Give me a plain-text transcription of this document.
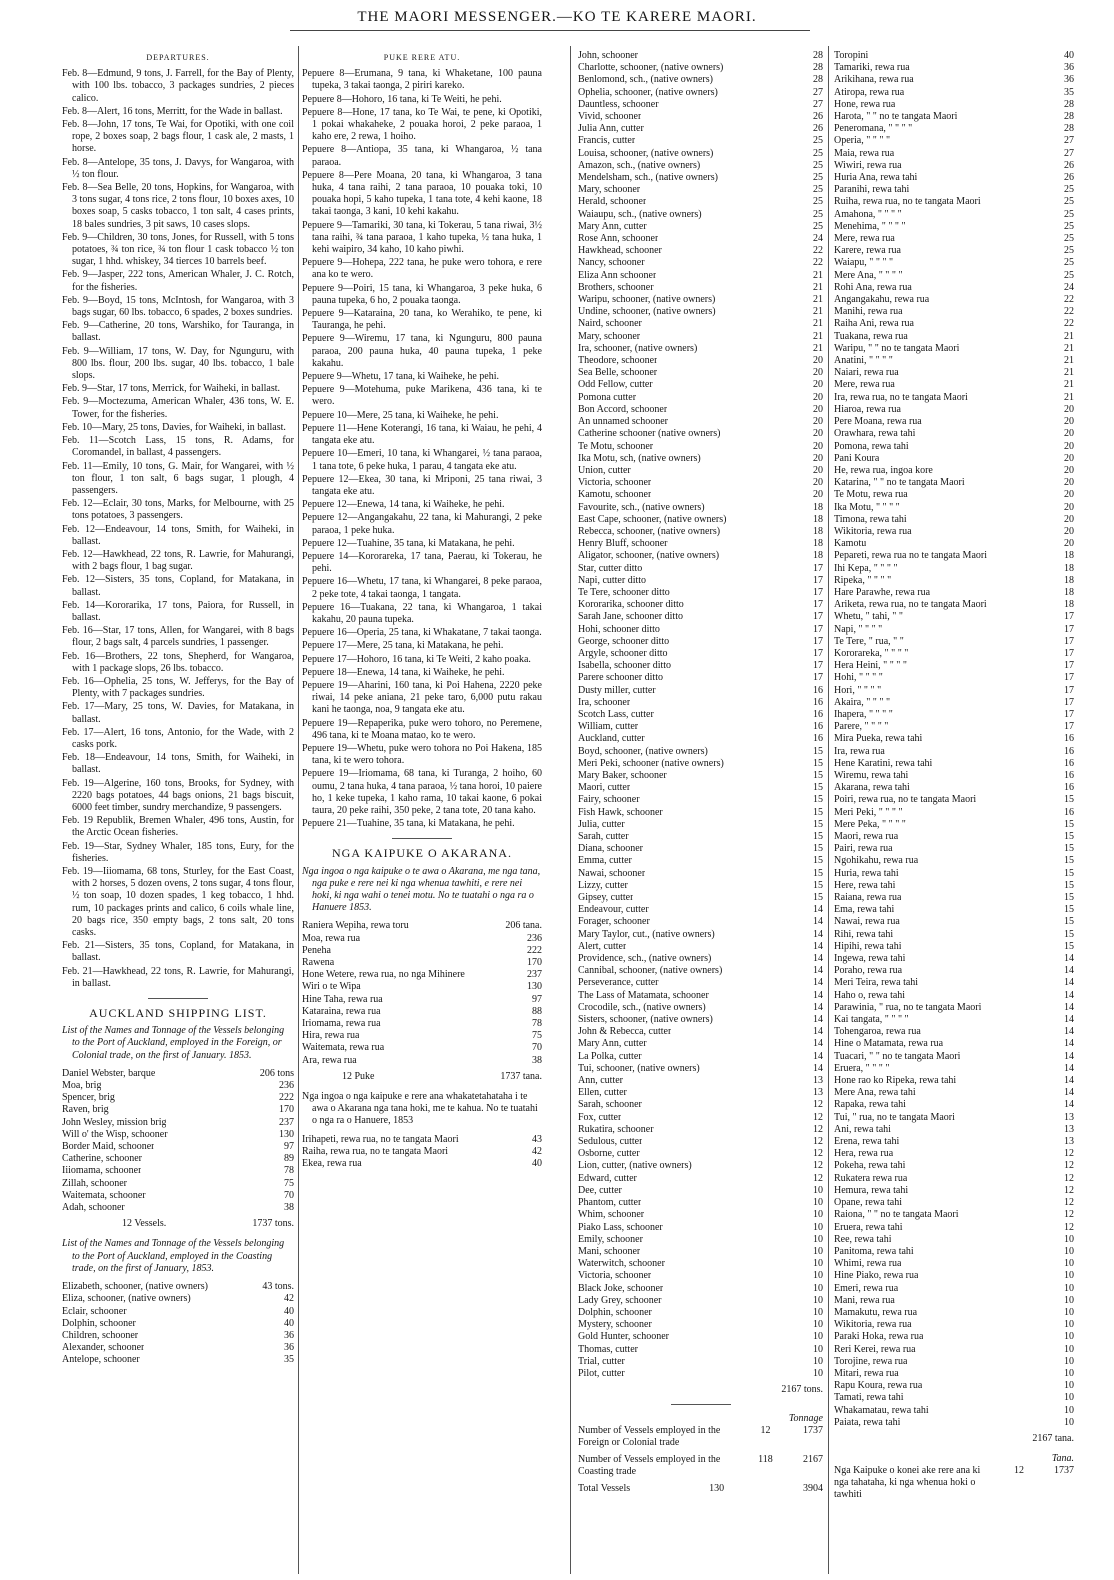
THE MAORI MESSENGER.—KO TE KARERE MAORI.
DEPARTURES.
Feb. 8—Edmund, 9 tons, J. Farrell, for the Bay of Plenty, with 100 lbs. tobacco, 3 packages sundries, 2 pieces calico.
Feb. 8—Alert, 16 tons, Merritt, for the Wade in ballast.
Feb. 8—John, 17 tons, Te Wai, for Opotiki, with one coil rope, 2 boxes soap, 2 bags flour, 1 cask ale, 2 masts, 1 horse.
Feb. 8—Antelope, 35 tons, J. Davys, for Wangaroa, with ½ ton flour.
Feb. 8—Sea Belle, 20 tons, Hopkins, for Wangaroa, with 3 tons sugar, 4 tons rice, 2 tons flour, 10 boxes axes, 10 boxes soap, 5 casks tobacco, 1 ton salt, 4 cases prints, 18 bales sundries, 3 pit saws, 10 cases slops.
Feb. 9—Children, 30 tons, Jones, for Russell, with 5 tons potatoes, ¾ ton rice, ¾ ton flour 1 cask tobacco ½ ton sugar, 1 hhd. whiskey, 34 tierces 10 barrels beef.
Feb. 9—Jasper, 222 tons, American Whaler, J. C. Rotch, for the fisheries.
Feb. 9—Boyd, 15 tons, McIntosh, for Wangaroa, with 3 bags sugar, 60 lbs. tobacco, 6 spades, 2 boxes sundries.
Feb. 9—Catherine, 20 tons, Warshiko, for Tauranga, in ballast.
Feb. 9—William, 17 tons, W. Day, for Ngunguru, with 800 lbs. flour, 200 lbs. sugar, 40 lbs. tobacco, 1 bale slops.
Feb. 9—Star, 17 tons, Merrick, for Waiheki, in ballast.
Feb. 9—Moctezuma, American Whaler, 436 tons, W. E. Tower, for the fisheries.
Feb. 10—Mary, 25 tons, Davies, for Waiheki, in ballast.
Feb. 11—Scotch Lass, 15 tons, R. Adams, for Coromandel, in ballast, 4 passengers.
Feb. 11—Emily, 10 tons, G. Mair, for Wangarei, with ½ ton flour, 1 ton salt, 6 bags sugar, 1 plough, 4 passengers.
Feb. 12—Eclair, 30 tons, Marks, for Melbourne, with 25 tons potatoes, 3 passengers.
Feb. 12—Endeavour, 14 tons, Smith, for Waiheki, in ballast.
Feb. 12—Hawkhead, 22 tons, R. Lawrie, for Mahurangi, with 2 bags flour, 1 bag sugar.
Feb. 12—Sisters, 35 tons, Copland, for Matakana, in ballast.
Feb. 14—Kororarika, 17 tons, Paiora, for Russell, in ballast.
Feb. 16—Star, 17 tons, Allen, for Wangarei, with 8 bags flour, 2 bags salt, 4 parcels sundries, 1 passenger.
Feb. 16—Brothers, 22 tons, Shepherd, for Wangaroa, with 1 package slops, 26 lbs. tobacco.
Feb. 16—Ophelia, 25 tons, W. Jefferys, for the Bay of Plenty, with 7 packages sundries.
Feb. 17—Mary, 25 tons, W. Davies, for Matakana, in ballast.
Feb. 17—Alert, 16 tons, Antonio, for the Wade, with 2 casks pork.
Feb. 18—Endeavour, 14 tons, Smith, for Waiheki, in ballast.
Feb. 19—Algerine, 160 tons, Brooks, for Sydney, with 2220 bags potatoes, 44 bags onions, 21 bags biscuit, 6000 feet timber, sundry merchandize, 9 passengers.
Feb. 19 Republik, Bremen Whaler, 496 tons, Austin, for the Arctic Ocean fisheries.
Feb. 19—Star, Sydney Whaler, 185 tons, Eury, for the fisheries.
Feb. 19—Iiiomama, 68 tons, Sturley, for the East Coast, with 2 horses, 5 dozen ovens, 2 tons sugar, 4 tons flour, ½ ton soap, 10 dozen spades, 1 keg tobacco, 1 hhd. rum, 10 packages prints and calico, 6 coils whale line, 20 bags rice, 350 empty bags, 2 tons salt, 20 tons casks.
Feb. 21—Sisters, 35 tons, Copland, for Matakana, in ballast.
Feb. 21—Hawkhead, 22 tons, R. Lawrie, for Mahurangi, in ballast.
AUCKLAND SHIPPING LIST.
List of the Names and Tonnage of the Vessels belonging to the Port of Auckland, employed in the Foreign, or Colonial trade, on the first of January. 1853.
Daniel Webster, barque	206 tons
Moa, brig	236
Spencer, brig	222
Raven, brig	170
John Wesley, mission brig	237
Will o' the Wisp, schooner	130
Border Maid, schooner	97
Catherine, schooner	89
Iiiomama, schooner	78
Zillah, schooner	75
Waitemata, schooner	70
Adah, schooner	38
12 Vessels.	1737 tons.
List of the Names and Tonnage of the Vessels belonging to the Port of Auckland, employed in the Coasting trade, on the first of January, 1853.
Elizabeth, schooner, (native owners)	43 tons.
Eliza, schooner, (native owners)	42
Eclair, schooner	40
Dolphin, schooner	40
Children, schooner	36
Alexander, schooner	36
Antelope, schooner	35
PUKE RERE ATU.
Pepuere 8—Erumana, 9 tana, ki Whaketane, 100 pauna tupeka, 3 takai taonga, 2 piriri kareko.
Pepuere 8—Hohoro, 16 tana, ki Te Weiti, he pehi.
Pepuere 8—Hone, 17 tana, ko Te Wai, te pene, ki Opotiki, 1 pokai whakaheke, 2 pouaka horoi, 2 peke paraoa, 1 kaho ere, 2 rewa, 1 hoiho.
Pepuere 8—Antiopa, 35 tana, ki Whangaroa, ½ tana paraoa.
Pepuere 8—Pere Moana, 20 tana, ki Whangaroa, 3 tana huka, 4 tana raihi, 2 tana paraoa, 10 pouaka toki, 10 pouaka hopi, 5 kaho tupeka, 1 tana tote, 4 kehi kaone, 18 takai taonga, 3 kani, 10 kehi kakahu.
Pepuere 9—Tamariki, 30 tana, ki Tokerau, 5 tana riwai, 3½ tana raihi, ¾ tana paraoa, 1 kaho tupeka, ½ tana huka, 1 kehi waipiro, 34 kaho, 10 kaho piwhi.
Pepuere 9—Hohepa, 222 tana, he puke wero tohora, e rere ana ko te wero.
Pepuere 9—Poiri, 15 tana, ki Whangaroa, 3 peke huka, 6 pauna tupeka, 6 ho, 2 pouaka taonga.
Pepuere 9—Kataraina, 20 tana, ko Werahiko, te pene, ki Tauranga, he pehi.
Pepuere 9—Wiremu, 17 tana, ki Ngunguru, 800 pauna paraoa, 200 pauna huka, 40 pauna tupeka, 1 peke kakahu.
Pepuere 9—Whetu, 17 tana, ki Waiheke, he pehi.
Pepuere 9—Motehuma, puke Marikena, 436 tana, ki te wero.
Pepuere 10—Mere, 25 tana, ki Waiheke, he pehi.
Pepuere 11—Hene Koterangi, 16 tana, ki Waiau, he pehi, 4 tangata eke atu.
Pepuere 10—Emeri, 10 tana, ki Whangarei, ½ tana paraoa, 1 tana tote, 6 peke huka, 1 parau, 4 tangata eke atu.
Pepuere 12—Ekea, 30 tana, ki Mriponi, 25 tana riwai, 3 tangata eke atu.
Pepuere 12—Enewa, 14 tana, ki Waiheke, he pehi.
Pepuere 12—Angangakahu, 22 tana, ki Mahurangi, 2 peke paraoa, 1 peke huka.
Pepuere 12—Tuahine, 35 tana, ki Matakana, he pehi.
Pepuere 14—Kororareka, 17 tana, Paerau, ki Tokerau, he pehi.
Pepuere 16—Whetu, 17 tana, ki Whangarei, 8 peke paraoa, 2 peke tote, 4 takai taonga, 1 tangata.
Pepuere 16—Tuakana, 22 tana, ki Whangaroa, 1 takai kakahu, 20 pauna tupeka.
Pepuere 16—Operia, 25 tana, ki Whakatane, 7 takai taonga.
Pepuere 17—Mere, 25 tana, ki Matakana, he pehi.
Pepuere 17—Hohoro, 16 tana, ki Te Weiti, 2 kaho poaka.
Pepuere 18—Enewa, 14 tana, ki Waiheke, he pehi.
Pepuere 19—Aharini, 160 tana, ki Poi Hahena, 2220 peke riwai, 14 peke aniana, 21 peke taro, 6,000 putu rakau kani he taonga, noa, 9 tangata eke atu.
Pepuere 19—Repaperika, puke wero tohoro, no Peremene, 496 tana, ki te Moana matao, ko te wero.
Pepuere 19—Whetu, puke wero tohora no Poi Hakena, 185 tana, ki te wero tohora.
Pepuere 19—Iriomama, 68 tana, ki Turanga, 2 hoiho, 60 oumu, 2 tana huka, 4 tana paraoa, ½ tana horoi, 10 paiere ho, 1 keke tupeka, 1 kaho rama, 10 takai kaone, 6 pokai taura, 20 peke raihi, 350 peke, 2 tana tote, 20 tana kaho.
Pepuere 21—Tuahine, 35 tana, ki Matakana, he pehi.
NGA KAIPUKE O AKARANA.
Nga ingoa o nga kaipuke o te awa o Akarana, me nga tana, nga puke e rere nei ki nga whenua tawhiti, e rere nei hoki, ki nga wahi o tenei motu. No te tuatahi o nga ra o Hanuere 1853.
Raniera Wepiha, rewa toru	206 tana.
Moa, rewa rua	236
Peneha	222
Rawena	170
Hone Wetere, rewa rua, no nga Mihinere	237
Wiri o te Wipa	130
Hine Taha, rewa rua	97
Kataraina, rewa rua	88
Iriomama, rewa rua	78
Hira, rewa rua	75
Waitemata, rewa rua	70
Ara, rewa rua	38
12 Puke	1737 tana.
Nga ingoa o nga kaipuke e rere ana whakatetahataha i te awa o Akarana nga tana hoki, me te kahua. No te tuatahi o nga ra o Hanuere, 1853
Irihapeti, rewa rua, no te tangata Maori	43
Raiha, rewa rua, no te tangata Maori	42
Ekea, rewa rua	40
John, schooner	28
Charlotte, schooner, (native owners)	28
Benlomond, sch., (native owners)	28
Ophelia, schooner, (native owners)	27
Dauntless, schooner	27
Vivid, schooner	26
Julia Ann, cutter	26
Francis, cutter	25
Louisa, schooner, (native owners)	25
Amazon, sch., (native owners)	25
Mendelsham, sch., (native owners)	25
Mary, schooner	25
Herald, schooner	25
Waiaupu, sch., (native owners)	25
Mary Ann, cutter	25
Rose Ann, schooner	24
Hawkhead, schooner	22
Nancy, schooner	22
Eliza Ann schooner	21
Brothers, schooner	21
Waripu, schooner, (native owners)	21
Undine, schooner, (native owners)	21
Naird, schooner	21
Mary, schooner	21
Ira, schooner, (native owners)	21
Theodore, schooner	20
Sea Belle, schooner	20
Odd Fellow, cutter	20
Pomona cutter	20
Bon Accord, schooner	20
An unnamed schooner	20
Catherine schooner (native owners)	20
Te Motu, schooner	20
Ika Motu, sch, (native owners)	20
Union, cutter	20
Victoria, schooner	20
Kamotu, schooner	20
Favourite, sch., (native owners)	18
East Cape, schooner, (native owners)	18
Rebecca, schooner, (native owners)	18
Henry Bluff, schooner	18
Aligator, schooner, (native owners)	18
Star, cutter ditto	17
Napi, cutter ditto	17
Te Tere, schooner ditto	17
Kororarika, schooner ditto	17
Sarah Jane, schooner ditto	17
Hohi, schooner ditto	17
George, schooner ditto	17
Argyle, schooner ditto	17
Isabella, schooner ditto	17
Parere schooner ditto	17
Dusty miller, cutter	16
Ira, schooner	16
Scotch Lass, cutter	16
William, cutter	16
Auckland, cutter	16
Boyd, schooner, (native owners)	15
Meri Peki, schooner (native owners)	15
Mary Baker, schooner	15
Maori, cutter	15
Fairy, schooner	15
Fish Hawk, schooner	15
Julia, cutter	15
Sarah, cutter	15
Diana, schooner	15
Emma, cutter	15
Nawai, schooner	15
Lizzy, cutter	15
Gipsey, cutter	15
Endeavour, cutter	14
Forager, schooner	14
Mary Taylor, cut., (native owners)	14
Alert, cutter	14
Providence, sch., (native owners)	14
Cannibal, schooner, (native owners)	14
Perseverance, cutter	14
The Lass of Matamata, schooner	14
Crocodile, sch., (native owners)	14
Sisters, schooner, (native owners)	14
John & Rebecca, cutter	14
Mary Ann, cutter	14
La Polka, cutter	14
Tui, schooner, (native owners)	14
Ann, cutter	13
Ellen, cutter	13
Sarah, schooner	12
Fox, cutter	12
Rukatira, schooner	12
Sedulous, cutter	12
Osborne, cutter	12
Lion, cutter, (native owners)	12
Edward, cutter	12
Dee, cutter	10
Phantom, cutter	10
Whim, schooner	10
Piako Lass, schooner	10
Emily, schooner	10
Mani, schooner	10
Waterwitch, schooner	10
Victoria, schooner	10
Black Joke, schooner	10
Lady Grey, schooner	10
Dolphin, schooner	10
Mystery, schooner	10
Gold Hunter, schooner	10
Thomas, cutter	10
Trial, cutter	10
Pilot, cutter	10
2167 tons.
Tonnage
Number of Vessels employed in the Foreign or Colonial trade
12	1737
Number of Vessels employed in the Coasting trade
118	2167
Total Vessels	130	3904
Toropini	40
Tamariki, rewa rua	36
Arikihana, rewa rua	36
Atiropa, rewa rua	35
Hone, rewa rua	28
Harota, " " no te tangata Maori	28
Peneromana, " " " "	28
Operia, " " " "	27
Maia, rewa rua	27
Wiwiri, rewa rua	26
Huria Ana, rewa tahi	26
Paranihi, rewa tahi	25
Ruiha, rewa rua, no te tangata Maori	25
Amahona, " " " "	25
Menehima, " " " "	25
Mere, rewa rua	25
Karere, rewa rua	25
Waiapu, " " " "	25
Mere Ana, " " " "	25
Rohi Ana, rewa rua	24
Angangakahu, rewa rua	22
Manihi, rewa rua	22
Raiha Ani, rewa rua	22
Tuakana, rewa rua	21
Waripu, " " no te tangata Maori	21
Anatini, " " " "	21
Naiari, rewa rua	21
Mere, rewa rua	21
Ira, rewa rua, no te tangata Maori	21
Hiaroa, rewa rua	20
Pere Moana, rewa rua	20
Orawhara, rewa tahi	20
Pomona, rewa tahi	20
Pani Koura	20
He, rewa rua, ingoa kore	20
Katarina, " " no te tangata Maori	20
Te Motu, rewa rua	20
Ika Motu, " " " "	20
Timona, rewa tahi	20
Wikitoria, rewa rua	20
Kamotu	20
Pepareti, rewa rua no te tangata Maori	18
Ihi Kepa, " " " "	18
Ripeka, " " " "	18
Hare Parawhe, rewa rua	18
Ariketa, rewa rua, no te tangata Maori	18
Whetu, " tahi, " "	17
Napi, " " " "	17
Te Tere, " rua, " "	17
Kororareka, " " " "	17
Hera Heini, " " " "	17
Hohi, " " " "	17
Hori, " " " "	17
Akaira, " " " "	17
Ihapera, " " " "	17
Parere, " " " "	17
Mira Pueka, rewa tahi	16
Ira, rewa rua	16
Hene Karatini, rewa tahi	16
Wiremu, rewa tahi	16
Akarana, rewa tahi	16
Poiri, rewa rua, no te tangata Maori	15
Meri Peki, " " " "	16
Mere Peka, " " " "	15
Maori, rewa rua	15
Pairi, rewa rua	15
Ngohikahu, rewa rua	15
Huria, rewa tahi	15
Here, rewa tahi	15
Raiana, rewa rua	15
Ema, rewa tahi	15
Nawai, rewa rua	15
Rihi, rewa tahi	15
Hipihi, rewa tahi	15
Ingewa, rewa tahi	14
Poraho, rewa rua	14
Meri Teira, rewa tahi	14
Haho o, rewa tahi	14
Parawinia, " rua, no te tangata Maori	14
Kai tangata, " " " "	14
Tohengaroa, rewa rua	14
Hine o Matamata, rewa rua	14
Tuacari, " " no te tangata Maori	14
Eruera, " " " "	14
Hone rao ko Ripeka, rewa tahi	14
Mere Ana, rewa tahi	14
Rapaka, rewa tahi	14
Tui, " rua, no te tangata Maori	13
Ani, rewa tahi	13
Erena, rewa tahi	13
Hera, rewa rua	12
Pokeha, rewa tahi	12
Rukatera rewa rua	12
Hemura, rewa tahi	12
Opane, rewa tahi	12
Raiona, " " no te tangata Maori	12
Eruera, rewa tahi	12
Ree, rewa tahi	10
Panitoma, rewa tahi	10
Whimi, rewa rua	10
Hine Piako, rewa rua	10
Emeri, rewa rua	10
Mani, rewa rua	10
Mamakutu, rewa rua	10
Wikitoria, rewa rua	10
Paraki Hoka, rewa rua	10
Reri Kerei, rewa rua	10
Torojine, rewa rua	10
Mitari, rewa rua	10
Rapu Koura, rewa rua	10
Tamati, rewa tahi	10
Whakamatau, rewa tahi	10
Paiata, rewa tahi	10
2167 tana.
Tana.
Nga Kaipuke o konei ake rere ana ki nga tahataha, ki nga whenua hoki o tawhiti
12	1737
